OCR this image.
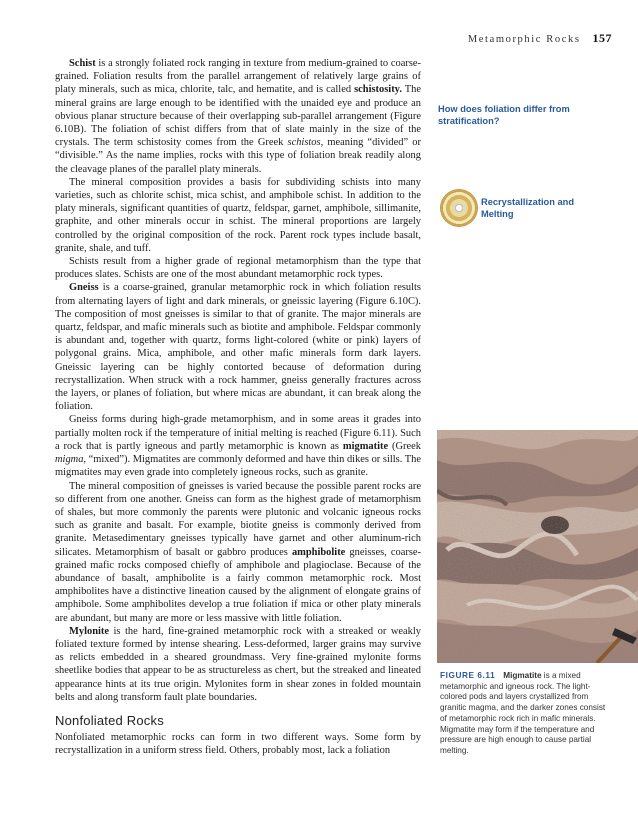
Metamorphic Rocks 157

Schist is a strongly foliated rock ranging in texture from medium-grained to coarse-grained. Foliation results from the parallel arrangement of relatively large grains of platy minerals, such as mica, chlorite, talc, and hematite, and is called schistosity. The mineral grains are large enough to be identified with the unaided eye and produce an obvious planar structure because of their overlapping sub-parallel arrangement (Figure 6.10B). The foliation of schist differs from that of slate mainly in the size of the crystals. The term schistosity comes from the Greek schistos, meaning “divided” or “divisible.” As the name implies, rocks with this type of foliation break readily along the cleavage planes of the parallel platy minerals.

The mineral composition provides a basis for subdividing schists into many varieties, such as chlorite schist, mica schist, and amphibole schist. In addition to the platy minerals, significant quantities of quartz, feldspar, garnet, amphibole, sillimanite, graphite, and other minerals occur in schist. The mineral proportions are largely controlled by the original composition of the rock. Parent rock types include basalt, granite, shale, and tuff.

Schists result from a higher grade of regional metamorphism than the type that produces slates. Schists are one of the most abundant metamorphic rock types.

Gneiss is a coarse-grained, granular metamorphic rock in which foliation results from alternating layers of light and dark minerals, or gneissic layering (Figure 6.10C). The composition of most gneisses is similar to that of granite. The major minerals are quartz, feldspar, and mafic minerals such as biotite and amphibole. Feldspar commonly is abundant and, together with quartz, forms light-colored (white or pink) layers of polygonal grains. Mica, amphibole, and other mafic minerals form dark layers. Gneissic layering can be highly contorted because of deformation during recrystallization. When struck with a rock hammer, gneiss generally fractures across the layers, or planes of foliation, but where micas are abundant, it can break along the foliation.

Gneiss forms during high-grade metamorphism, and in some areas it grades into partially molten rock if the temperature of initial melting is reached (Figure 6.11). Such a rock that is partly igneous and partly metamorphic is known as migmatite (Greek migma, “mixed”). Migmatites are commonly deformed and have thin dikes or sills. The migmatites may even grade into completely igneous rocks, such as granite.

The mineral composition of gneisses is varied because the possible parent rocks are so different from one another. Gneiss can form as the highest grade of metamorphism of shales, but more commonly the parents were plutonic and volcanic igneous rocks such as granite and basalt. For example, biotite gneiss is commonly derived from granite. Metasedimentary gneisses typically have garnet and other aluminum-rich silicates. Metamorphism of basalt or gabbro produces amphibolite gneisses, coarse-grained mafic rocks composed chiefly of amphibole and plagioclase. Because of the abundance of basalt, amphibolite is a fairly common metamorphic rock. Most amphibolites have a distinctive lineation caused by the alignment of elongate grains of amphibole. Some amphibolites develop a true foliation if mica or other platy minerals are abundant, but many are more or less massive with little foliation.

Mylonite is the hard, fine-grained metamorphic rock with a streaked or weakly foliated texture formed by intense shearing. Less-deformed, larger grains may survive as relicts embedded in a sheared groundmass. Very fine-grained mylonite forms sheetlike bodies that appear to be as structureless as chert, but the streaked and lineated appearance hints at its true origin. Mylonites form in shear zones in folded mountain belts and along transform fault plate boundaries.

Nonfoliated Rocks

Nonfoliated metamorphic rocks can form in two different ways. Some form by recrystallization in a uniform stress field. Others, probably most, lack a foliation

How does foliation differ from stratification?
Recrystallization and Melting
FIGURE 6.11 Migmatite is a mixed metamorphic and igneous rock. The light-colored pods and layers crystallized from granitic magma, and the darker zones consist of metamorphic rock rich in mafic minerals. Migmatite may form if the temperature and pressure are high enough to cause partial melting.
